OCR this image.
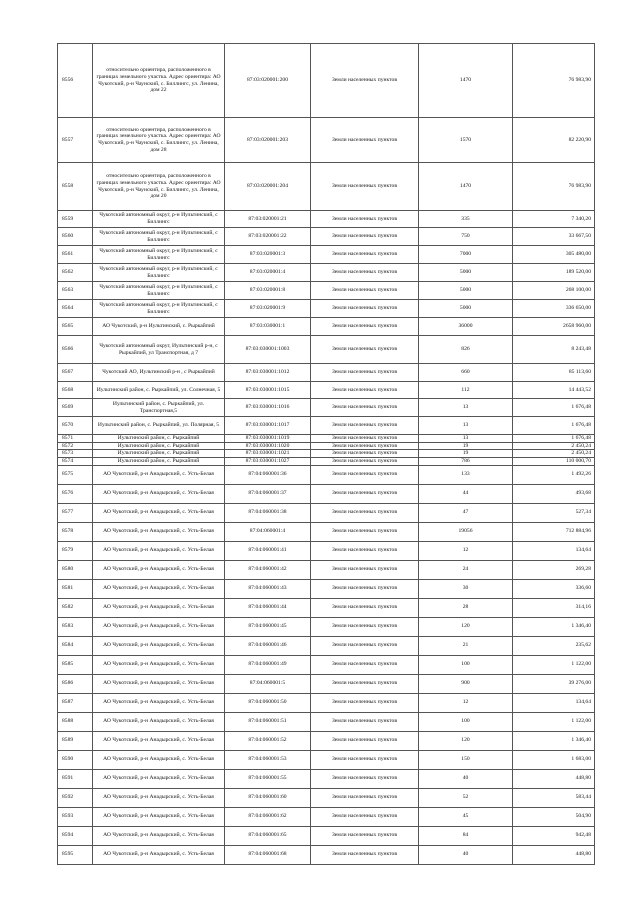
8556	относительно ориентира, расположенного в границах земельного участка. Адрес ориентира: АО Чукотский, р-н Чаунский, с. Биллингс, ул. Ленина, дом 22	87:03:020001:200	Земли населенных пунктов	1470	76 983,90
8557	относительно ориентира, расположенного в границах земельного участка. Адрес ориентира: АО Чукотский, р-н Чаунский, с. Биллингс, ул. Ленина, дом 28	87:03:020001:203	Земли населенных пунктов	1570	82 220,90
8558	относительно ориентира, расположенного в границах земельного участка. Адрес ориентира: АО Чукотский, р-н Чаунский, с. Биллингс, ул. Ленина, дом 20	87:03:020001:204	Земли населенных пунктов	1470	76 983,90
8559	Чукотский автономный округ, р-н Иультинский, с Биллингс	87:03:020001:21	Земли населенных пунктов	335	7 340,20
8560	Чукотский автономный округ, р-н Иультинский, с Биллингс	87:03:020001:22	Земли населенных пунктов	750	33 667,50
8561	Чукотский автономный округ, р-н Иультинский, с Биллингс	87:03:020001:3	Земли населенных пунктов	7000	305 480,00
8562	Чукотский автономный округ, р-н Иультинский, с Биллингс	87:03:020001:4	Земли населенных пунктов	5000	189 520,00
8563	Чукотский автономный округ, р-н Иультинский, с Биллингс	87:03:020001:8	Земли населенных пунктов	5000	268 100,00
8564	Чукотский автономный округ, р-н Иультинский, с Биллингс	87:03:020001:9	Земли населенных пунктов	5000	336 650,00
8565	АО Чукотский, р-н Иультинский, с. Рыркайпий	87:03:030001:1	Земли населенных пунктов	36000	2658 960,00
8566	Чукотский автономный округ, Иультинский р-н, с Рыркайпий, ул Транспортная, д 7	87:03:030001:1003	Земли населенных пунктов	826	8 243,48
8567	Чукотский АО, Иультинский р-н , с Рыркайпий	87:03:030001:1012	Земли населенных пунктов	660	85 113,60
8568	Иультинский район, с. Рыркайпий, ул. Солнечная, 5	87:03:030001:1015	Земли населенных пунктов	112	14 443,52
8569	Иультинский район, с. Рыркайпий, ул. Транспортная,5	87:03:030001:1016	Земли населенных пунктов	13	1 676,48
8570	Иультинский район, с. Рыркайпий, ул. Полярная, 5	87:03:030001:1017	Земли населенных пунктов	13	1 676,48
8571	Иультинский район, с. Рыркайпий	87:03:030001:1019	Земли населенных пунктов	13	1 676,48
8572	Иультинский район, с. Рыркайпий	87:03:030001:1020	Земли населенных пунктов	19	2 450,24
8573	Иультинский район, с. Рыркайпий	87:03:030001:1021	Земли населенных пунктов	19	2 450,24
8574	Иультинский район, с. Рыркайпий	87:03:030001:1027	Земли населенных пунктов	786	110 000,70
8575	АО Чукотский, р-н Анадырский, с. Усть-Белая	87:04:060001:36	Земли населенных пунктов	133	1 492,26
8576	АО Чукотский, р-н Анадырский, с. Усть-Белая	87:04:060001:37	Земли населенных пунктов	44	493,68
8577	АО Чукотский, р-н Анадырский, с. Усть-Белая	87:04:060001:38	Земли населенных пунктов	47	527,34
8578	АО Чукотский, р-н Анадырский, с. Усть-Белая	87:04:060001:4	Земли населенных пунктов	19056	712 884,96
8579	АО Чукотский, р-н Анадырский, с. Усть-Белая	87:04:060001:41	Земли населенных пунктов	12	134,64
8580	АО Чукотский, р-н Анадырский, с. Усть-Белая	87:04:060001:42	Земли населенных пунктов	24	269,28
8581	АО Чукотский, р-н Анадырский, с. Усть-Белая	87:04:060001:43	Земли населенных пунктов	30	336,60
8582	АО Чукотский, р-н Анадырский, с. Усть-Белая	87:04:060001:44	Земли населенных пунктов	28	314,16
8583	АО Чукотский, р-н Анадырский, с. Усть-Белая	87:04:060001:45	Земли населенных пунктов	120	1 346,40
8584	АО Чукотский, р-н Анадырский, с. Усть-Белая	87:04:060001:46	Земли населенных пунктов	21	235,62
8585	АО Чукотский, р-н Анадырский, с. Усть-Белая	87:04:060001:49	Земли населенных пунктов	100	1 122,00
8586	АО Чукотский, р-н Анадырский, с. Усть-Белая	87:04:060001:5	Земли населенных пунктов	900	39 276,00
8587	АО Чукотский, р-н Анадырский, с. Усть-Белая	87:04:060001:50	Земли населенных пунктов	12	134,64
8588	АО Чукотский, р-н Анадырский, с. Усть-Белая	87:04:060001:51	Земли населенных пунктов	100	1 122,00
8589	АО Чукотский, р-н Анадырский, с. Усть-Белая	87:04:060001:52	Земли населенных пунктов	120	1 346,40
8590	АО Чукотский, р-н Анадырский, с. Усть-Белая	87:04:060001:53	Земли населенных пунктов	150	1 683,00
8591	АО Чукотский, р-н Анадырский, с. Усть-Белая	87:04:060001:55	Земли населенных пунктов	40	448,80
8592	АО Чукотский, р-н Анадырский, с. Усть-Белая	87:04:060001:60	Земли населенных пунктов	52	583,44
8593	АО Чукотский, р-н Анадырский, с. Усть-Белая	87:04:060001:62	Земли населенных пунктов	45	504,90
8594	АО Чукотский, р-н Анадырский, с. Усть-Белая	87:04:060001:65	Земли населенных пунктов	84	942,48
8595	АО Чукотский, р-н Анадырский, с. Усть-Белая	87:04:060001:68	Земли населенных пунктов	40	448,80
